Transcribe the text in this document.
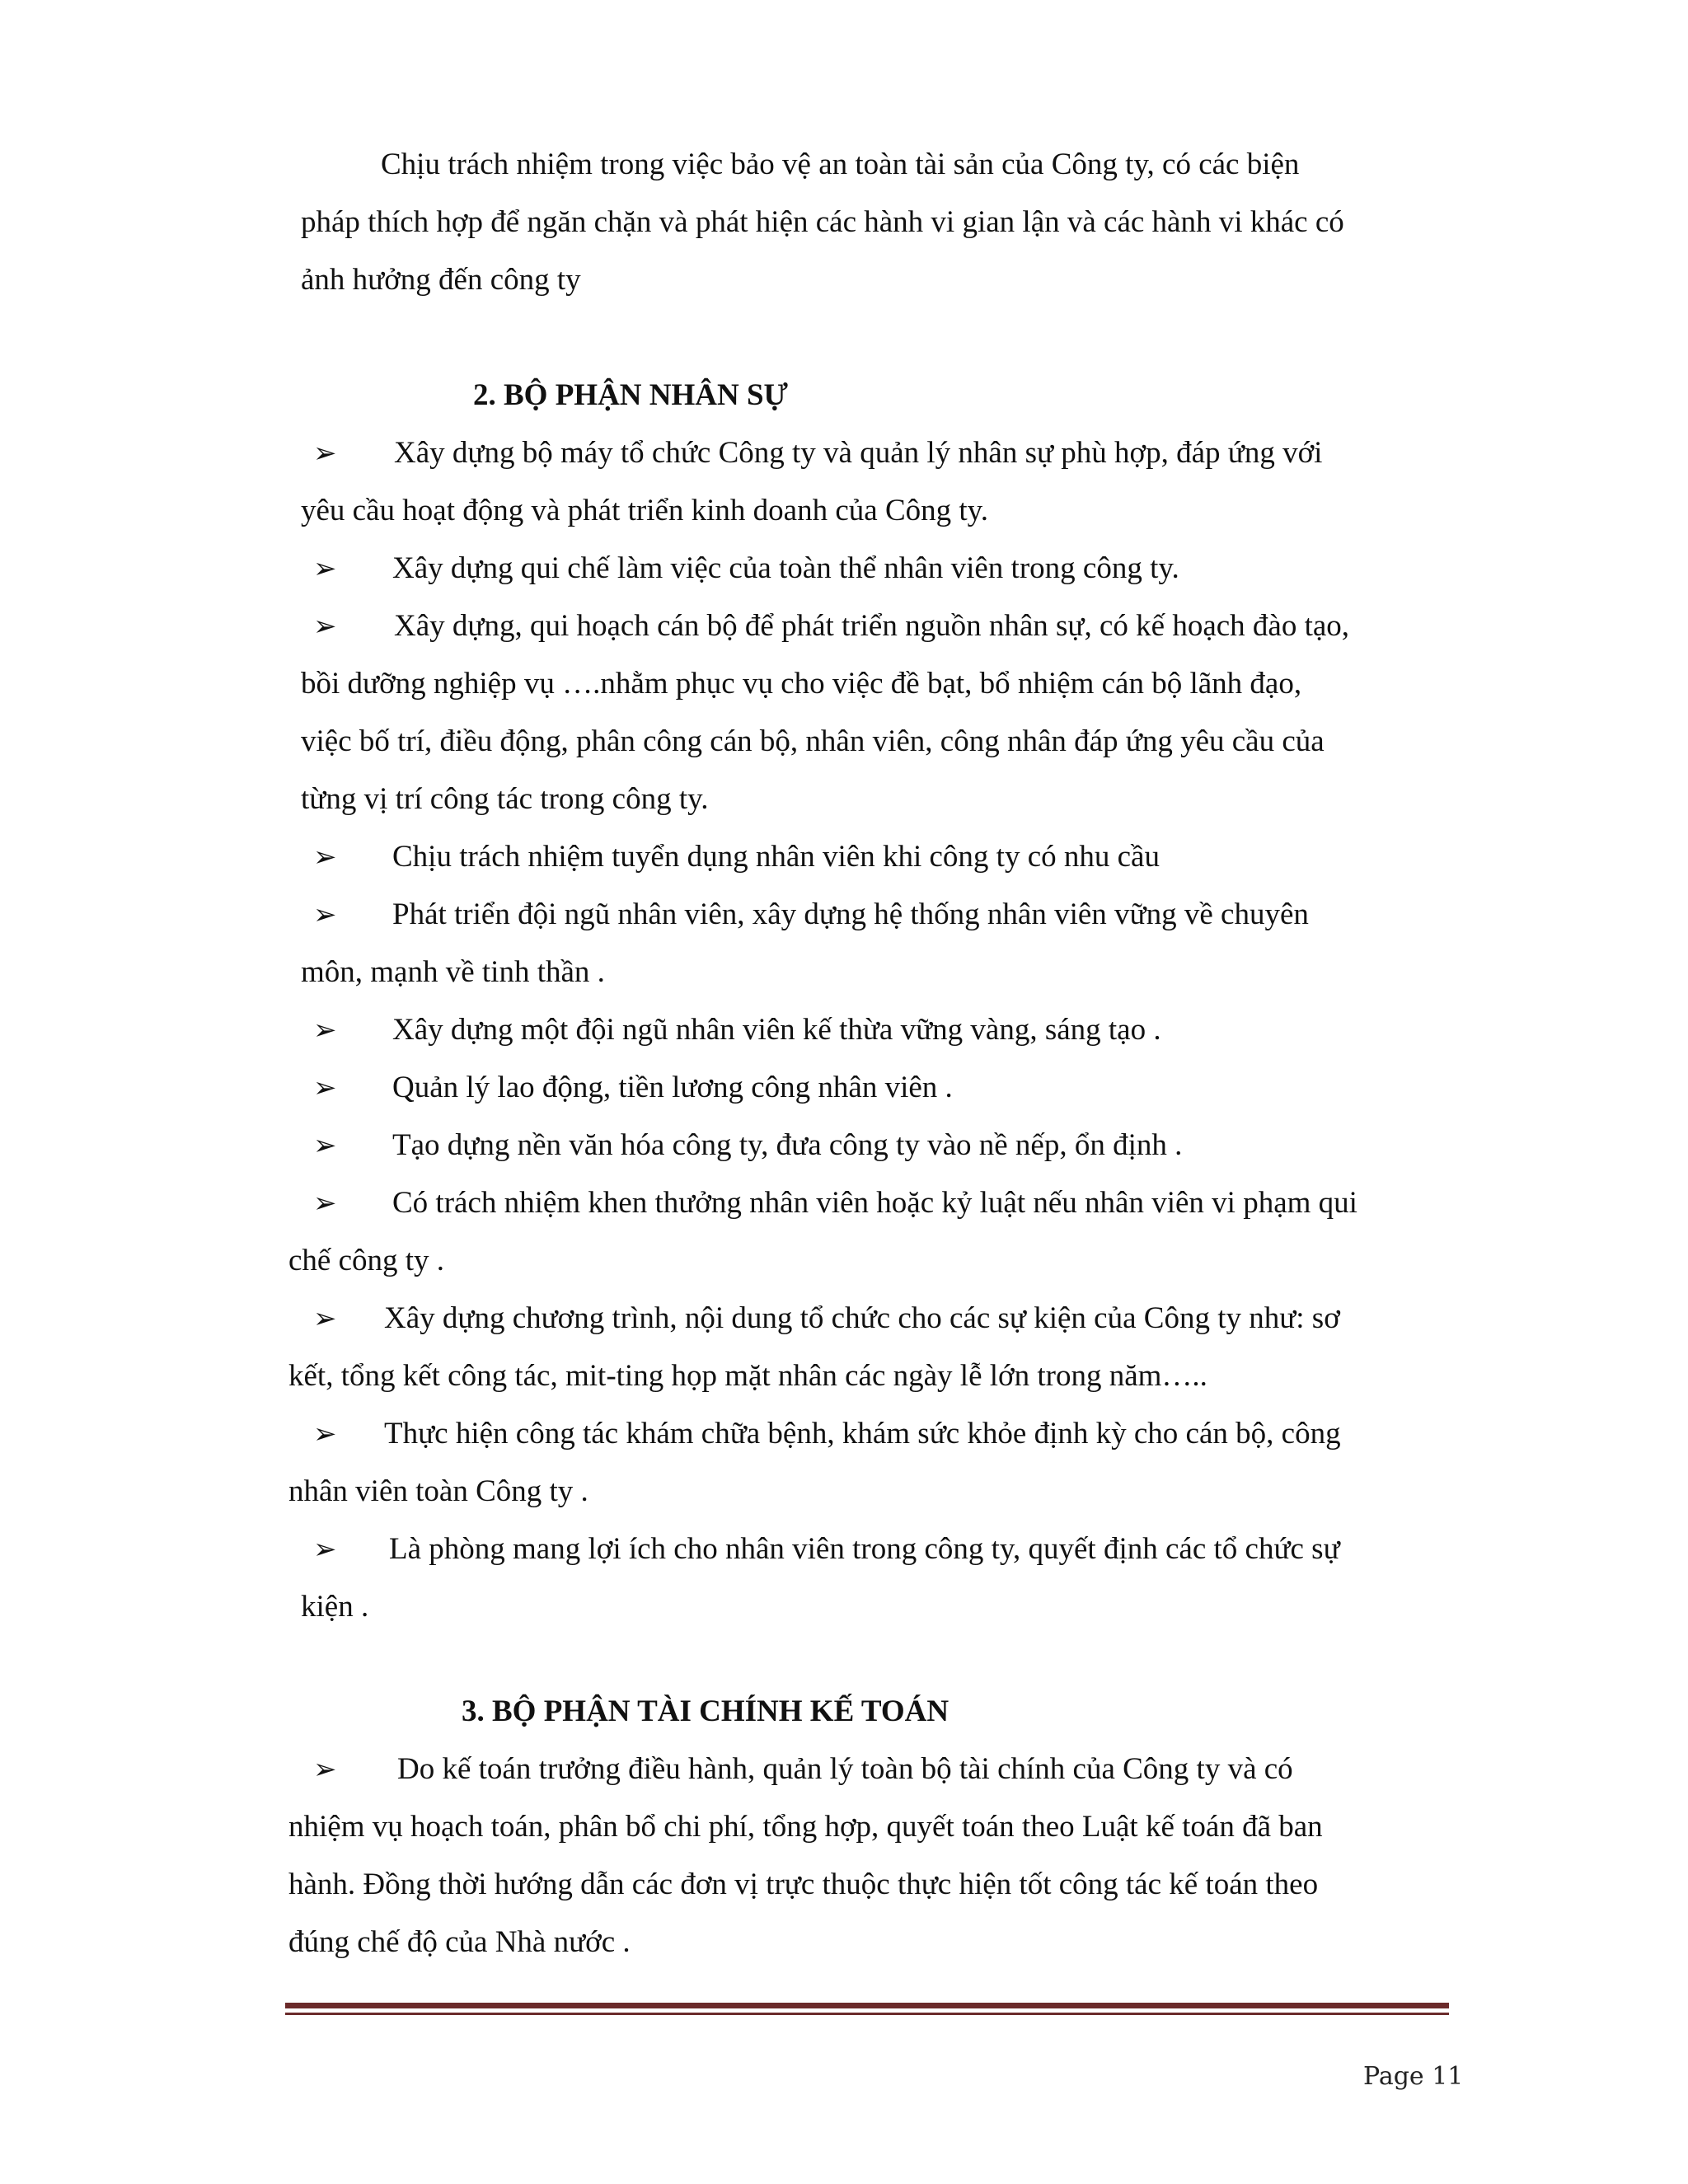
Chịu trách nhiệm trong việc bảo vệ an toàn tài sản của Công ty, có các biện
pháp thích hợp để ngăn chặn và phát hiện các hành vi gian lận và các hành vi khác có
ảnh hưởng đến công ty
2. BỘ PHẬN NHÂN SỰ
➢ Xây dựng bộ máy tổ chức Công ty và quản lý nhân sự phù hợp, đáp ứng với
yêu cầu hoạt động và phát triển kinh doanh của Công ty.
➢ Xây dựng qui chế làm việc của toàn thể nhân viên trong công ty.
➢ Xây dựng, qui hoạch cán bộ để phát triển nguồn nhân sự, có kế hoạch đào tạo,
bồi dưỡng nghiệp vụ ….nhằm phục vụ cho việc đề bạt, bổ nhiệm cán bộ lãnh đạo,
việc bố trí, điều động, phân công cán bộ, nhân viên, công nhân đáp ứng yêu cầu của
từng vị trí công tác trong công ty.
➢ Chịu trách nhiệm tuyển dụng nhân viên khi công ty có nhu cầu
➢ Phát triển đội ngũ nhân viên, xây dựng hệ thống nhân viên vững về chuyên
môn, mạnh về tinh thần .
➢ Xây dựng một đội ngũ nhân viên kế thừa vững vàng, sáng tạo .
➢ Quản lý lao động, tiền lương công nhân viên .
➢ Tạo dựng nền văn hóa công ty, đưa công ty vào nề nếp, ổn định .
➢ Có trách nhiệm khen thưởng nhân viên hoặc kỷ luật nếu nhân viên vi phạm qui
chế công ty .
➢ Xây dựng chương trình, nội dung tổ chức cho các sự kiện của Công ty như: sơ
kết, tổng kết công tác, mit-ting họp mặt nhân các ngày lễ lớn trong năm…..
➢ Thực hiện công tác khám chữa bệnh, khám sức khỏe định kỳ cho cán bộ, công
nhân viên toàn Công ty .
➢ Là phòng mang lợi ích cho nhân viên trong công ty, quyết định các tổ chức sự
kiện .
3. BỘ PHẬN TÀI CHÍNH KẾ TOÁN
➢ Do kế toán trưởng điều hành, quản lý toàn bộ tài chính của Công ty và có
nhiệm vụ hoạch toán, phân bổ chi phí, tổng hợp, quyết toán theo Luật kế toán đã ban
hành. Đồng thời hướng dẫn các đơn vị trực thuộc thực hiện tốt công tác kế toán theo
đúng chế độ của Nhà nước .
Page 11
